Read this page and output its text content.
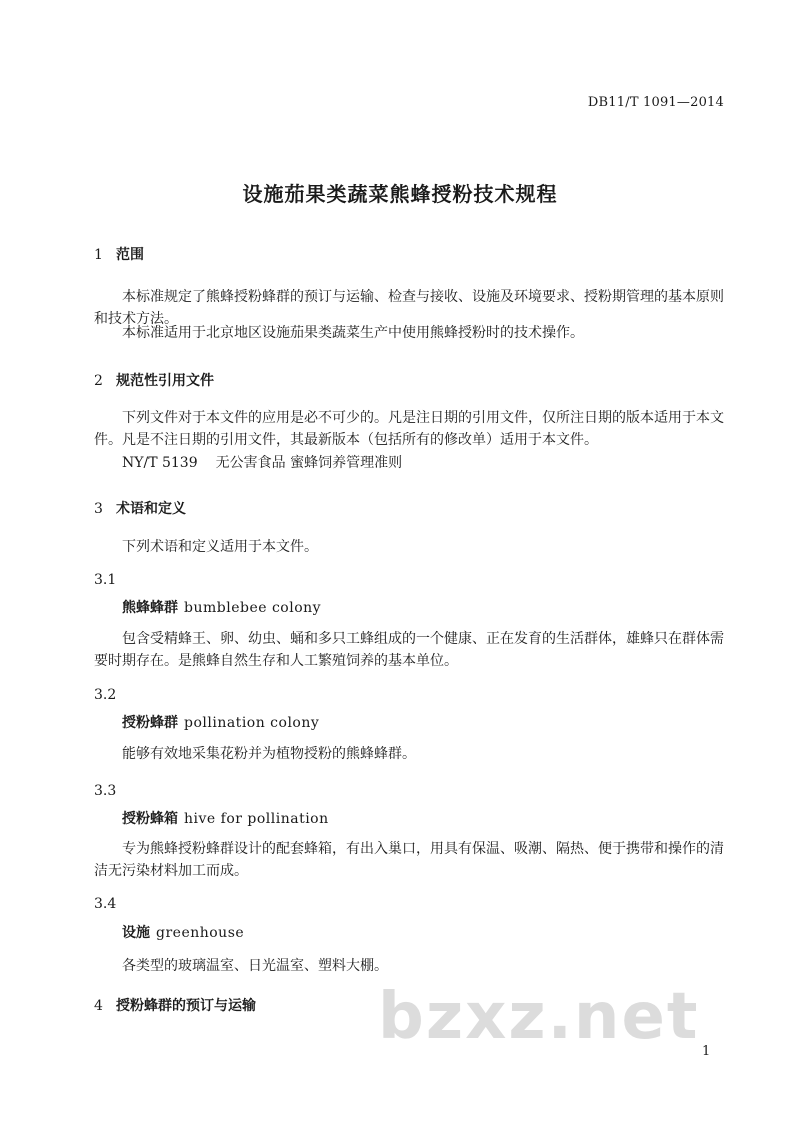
DB11/T 1091—2014
设施茄果类蔬菜熊蜂授粉技术规程
1 范围
本标准规定了熊蜂授粉蜂群的预订与运输、检查与接收、设施及环境要求、授粉期管理的基本原则和技术方法。
本标准适用于北京地区设施茄果类蔬菜生产中使用熊蜂授粉时的技术操作。
2 规范性引用文件
下列文件对于本文件的应用是必不可少的。凡是注日期的引用文件，仅所注日期的版本适用于本文件。凡是不注日期的引用文件，其最新版本（包括所有的修改单）适用于本文件。
NY/T 5139 无公害食品 蜜蜂饲养管理准则
3 术语和定义
下列术语和定义适用于本文件。
3.1
熊蜂蜂群 bumblebee colony
包含受精蜂王、卵、幼虫、蛹和多只工蜂组成的一个健康、正在发育的生活群体，雄蜂只在群体需要时期存在。是熊蜂自然生存和人工繁殖饲养的基本单位。
3.2
授粉蜂群 pollination colony
能够有效地采集花粉并为植物授粉的熊蜂蜂群。
3.3
授粉蜂箱 hive for pollination
专为熊蜂授粉蜂群设计的配套蜂箱，有出入巢口，用具有保温、吸潮、隔热、便于携带和操作的清洁无污染材料加工而成。
3.4
设施 greenhouse
各类型的玻璃温室、日光温室、塑料大棚。
4 授粉蜂群的预订与运输 bzxz.net 1
